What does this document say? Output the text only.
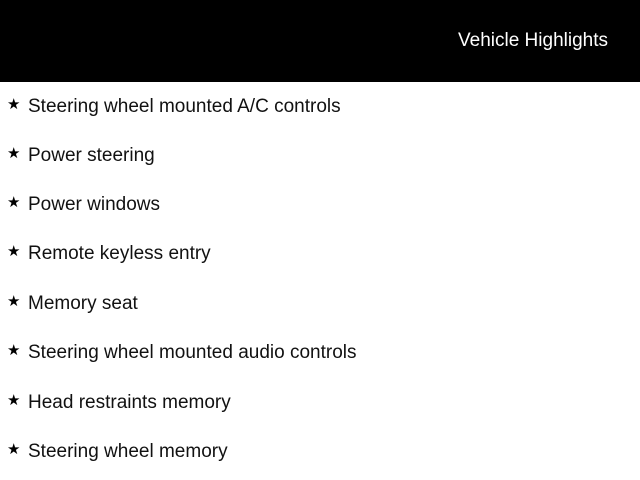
Vehicle Highlights
★ Steering wheel mounted A/C controls
★ Power steering
★ Power windows
★ Remote keyless entry
★ Memory seat
★ Steering wheel mounted audio controls
★ Head restraints memory
★ Steering wheel memory
